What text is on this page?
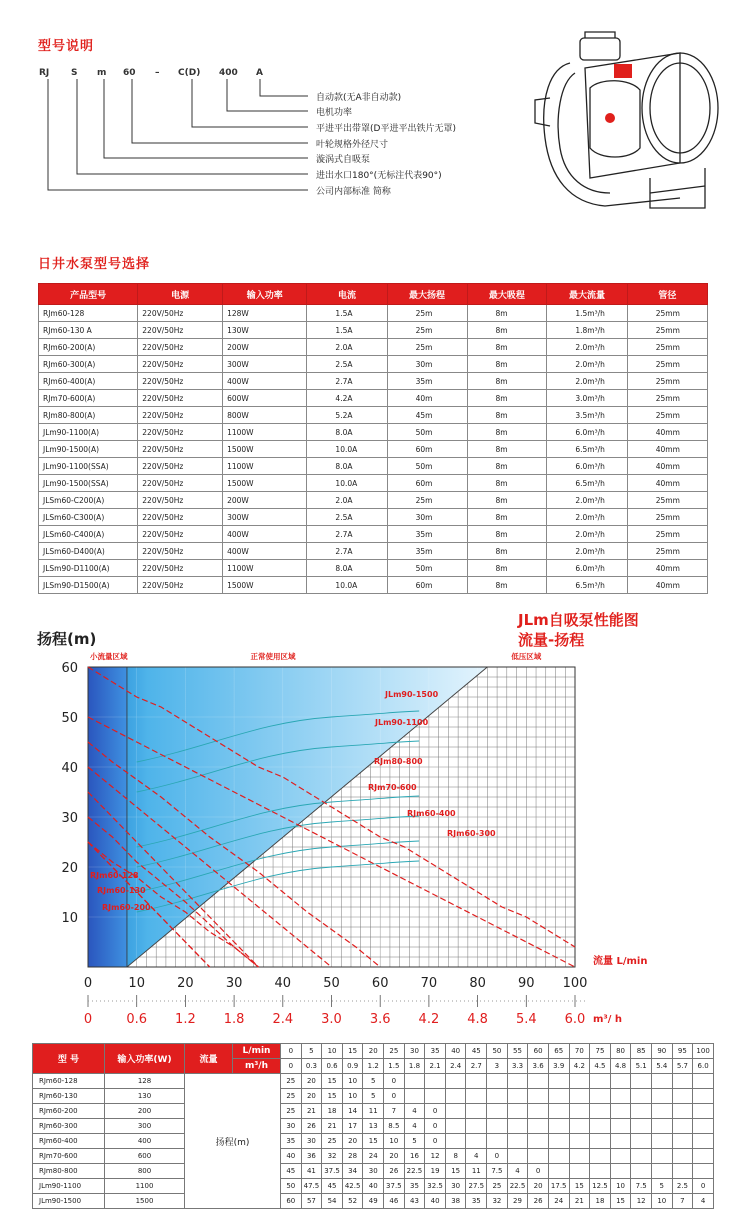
型号说明
RJ S m 60 – C(D) 400 A
自动款(无A非自动款)
电机功率
平进平出带罩(D平进平出铁片无罩)
叶轮规格外径尺寸
漩涡式自吸泵
进出水口180°(无标注代表90°)
公司内部标准 简称
日井水泵型号选择
产品型号	电源	输入功率	电流	最大扬程	最大吸程	最大流量	管径
RJm60-128	220V/50Hz	128W	1.5A	25m	8m	1.5m³/h	25mm
RJm60-130 A	220V/50Hz	130W	1.5A	25m	8m	1.8m³/h	25mm
RJm60-200(A)	220V/50Hz	200W	2.0A	25m	8m	2.0m³/h	25mm
RJm60-300(A)	220V/50Hz	300W	2.5A	30m	8m	2.0m³/h	25mm
RJm60-400(A)	220V/50Hz	400W	2.7A	35m	8m	2.0m³/h	25mm
RJm70-600(A)	220V/50Hz	600W	4.2A	40m	8m	3.0m³/h	25mm
RJm80-800(A)	220V/50Hz	800W	5.2A	45m	8m	3.5m³/h	25mm
JLm90-1100(A)	220V/50Hz	1100W	8.0A	50m	8m	6.0m³/h	40mm
JLm90-1500(A)	220V/50Hz	1500W	10.0A	60m	8m	6.5m³/h	40mm
JLm90-1100(SSA)	220V/50Hz	1100W	8.0A	50m	8m	6.0m³/h	40mm
JLm90-1500(SSA)	220V/50Hz	1500W	10.0A	60m	8m	6.5m³/h	40mm
JLSm60-C200(A)	220V/50Hz	200W	2.0A	25m	8m	2.0m³/h	25mm
JLSm60-C300(A)	220V/50Hz	300W	2.5A	30m	8m	2.0m³/h	25mm
JLSm60-C400(A)	220V/50Hz	400W	2.7A	35m	8m	2.0m³/h	25mm
JLSm60-D400(A)	220V/50Hz	400W	2.7A	35m	8m	2.0m³/h	25mm
JLSm90-D1100(A)	220V/50Hz	1100W	8.0A	50m	8m	6.0m³/h	40mm
JLSm90-D1500(A)	220V/50Hz	1500W	10.0A	60m	8m	6.5m³/h	40mm
扬程(m)
JLm自吸泵性能图
流量-扬程
小流量区域	正常使用区域	低压区域
RJm60-128
RJm60-130
RJm60-200
RJm60-300
RJm60-400
RJm70-600
RJm80-800
JLm90-1100
JLm90-1500
10
20
30
40
50
60
0	10 20 30 40 50 60 70 80 90 100
0	0.6 1.2 1.8 2.4 3.0 3.6 4.2 4.8 5.4 6.0
流量 L/min
m³/ h
型 号	输入功率(W)	流量	L/min	0	5	10	15	20	25	30	35	40	45	50	55	60	65	70	75	80	85	90	95	100
			m³/h	0	0.3	0.6	0.9	1.2	1.5	1.8	2.1	2.4	2.7	3	3.3	3.6	3.9	4.2	4.5	4.8	5.1	5.4	5.7	6.0
RJm60-128	128	扬程(m)		25	20	15	10	5	0															
RJm60-130	130			25	20	15	10	5	0															
RJm60-200	200			25	21	18	14	11	7	4	0													
RJm60-300	300			30	26	21	17	13	8.5	4	0													
RJm60-400	400			35	30	25	20	15	10	5	0													
RJm70-600	600			40	36	32	28	24	20	16	12	8	4	0										
RJm80-800	800			45	41	37.5	34	30	26	22.5	19	15	11	7.5	4	0								
JLm90-1100	1100			50	47.5	45	42.5	40	37.5	35	32.5	30	27.5	25	22.5	20	17.5	15	12.5	10	7.5	5	2.5	0
JLm90-1500	1500			60	57	54	52	49	46	43	40	38	35	32	29	26	24	21	18	15	12	10	7	4
